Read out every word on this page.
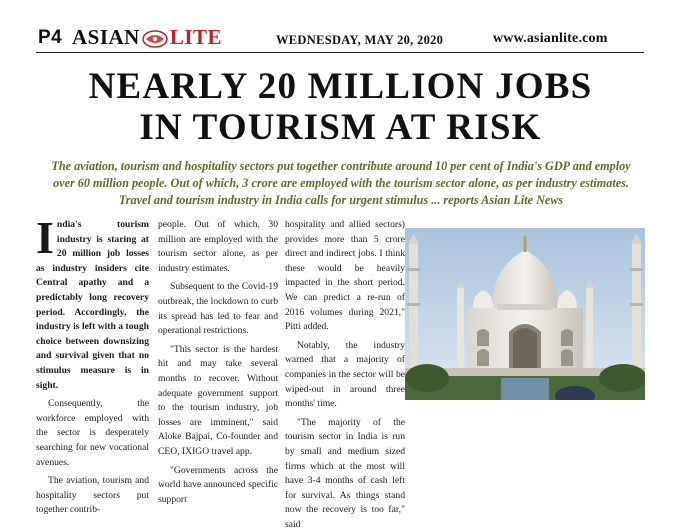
P4 ASIAN LITE	WEDNESDAY, MAY 20, 2020	www.asianlite.com
NEARLY 20 MILLION JOBS
IN TOURISM AT RISK

The aviation, tourism and hospitality sectors put together contribute around 10 per cent of India's GDP and employ over 60 million people. Out of which, 3 crore are employed with the tourism sector alone, as per industry estimates. Travel and tourism industry in India calls for urgent stimulus ... reports Asian Lite News

India's tourism industry is staring at 20 million job losses as industry insiders cite Central apathy and a predictably long recovery period. Accordingly, the industry is left with a tough choice between downsizing and survival given that no stimulus measure is in sight.

Consequently, the workforce employed with the sector is desperately searching for new vocational avenues.

The aviation, tourism and hospitality sectors put together contrib-

people. Out of which, 30 million are employed with the tourism sector alone, as per industry estimates.

Subsequent to the Covid-19 outbreak, the lockdown to curb its spread has led to fear and operational restrictions.

"This sector is the hardest hit and may take several months to recover. Without adequate government support to the tourism industry, job losses are imminent," said Aloke Bajpai, Co-founder and CEO, IXIGO travel app.

"Governments across the world have announced specific support

hospitality and allied sectors) provides more than 5 crore direct and indirect jobs. I think these would be heavily impacted in the short period. We can predict a re-run of 2016 volumes during 2021," Pitti added.

Notably, the industry warned that a majority of companies in the sector will be wiped-out in around three months' time.

"The majority of the tourism sector in India is run by small and medium sized firms which at the most will have 3-4 months of cash left for survival. As things stand now the recovery is too far," said
